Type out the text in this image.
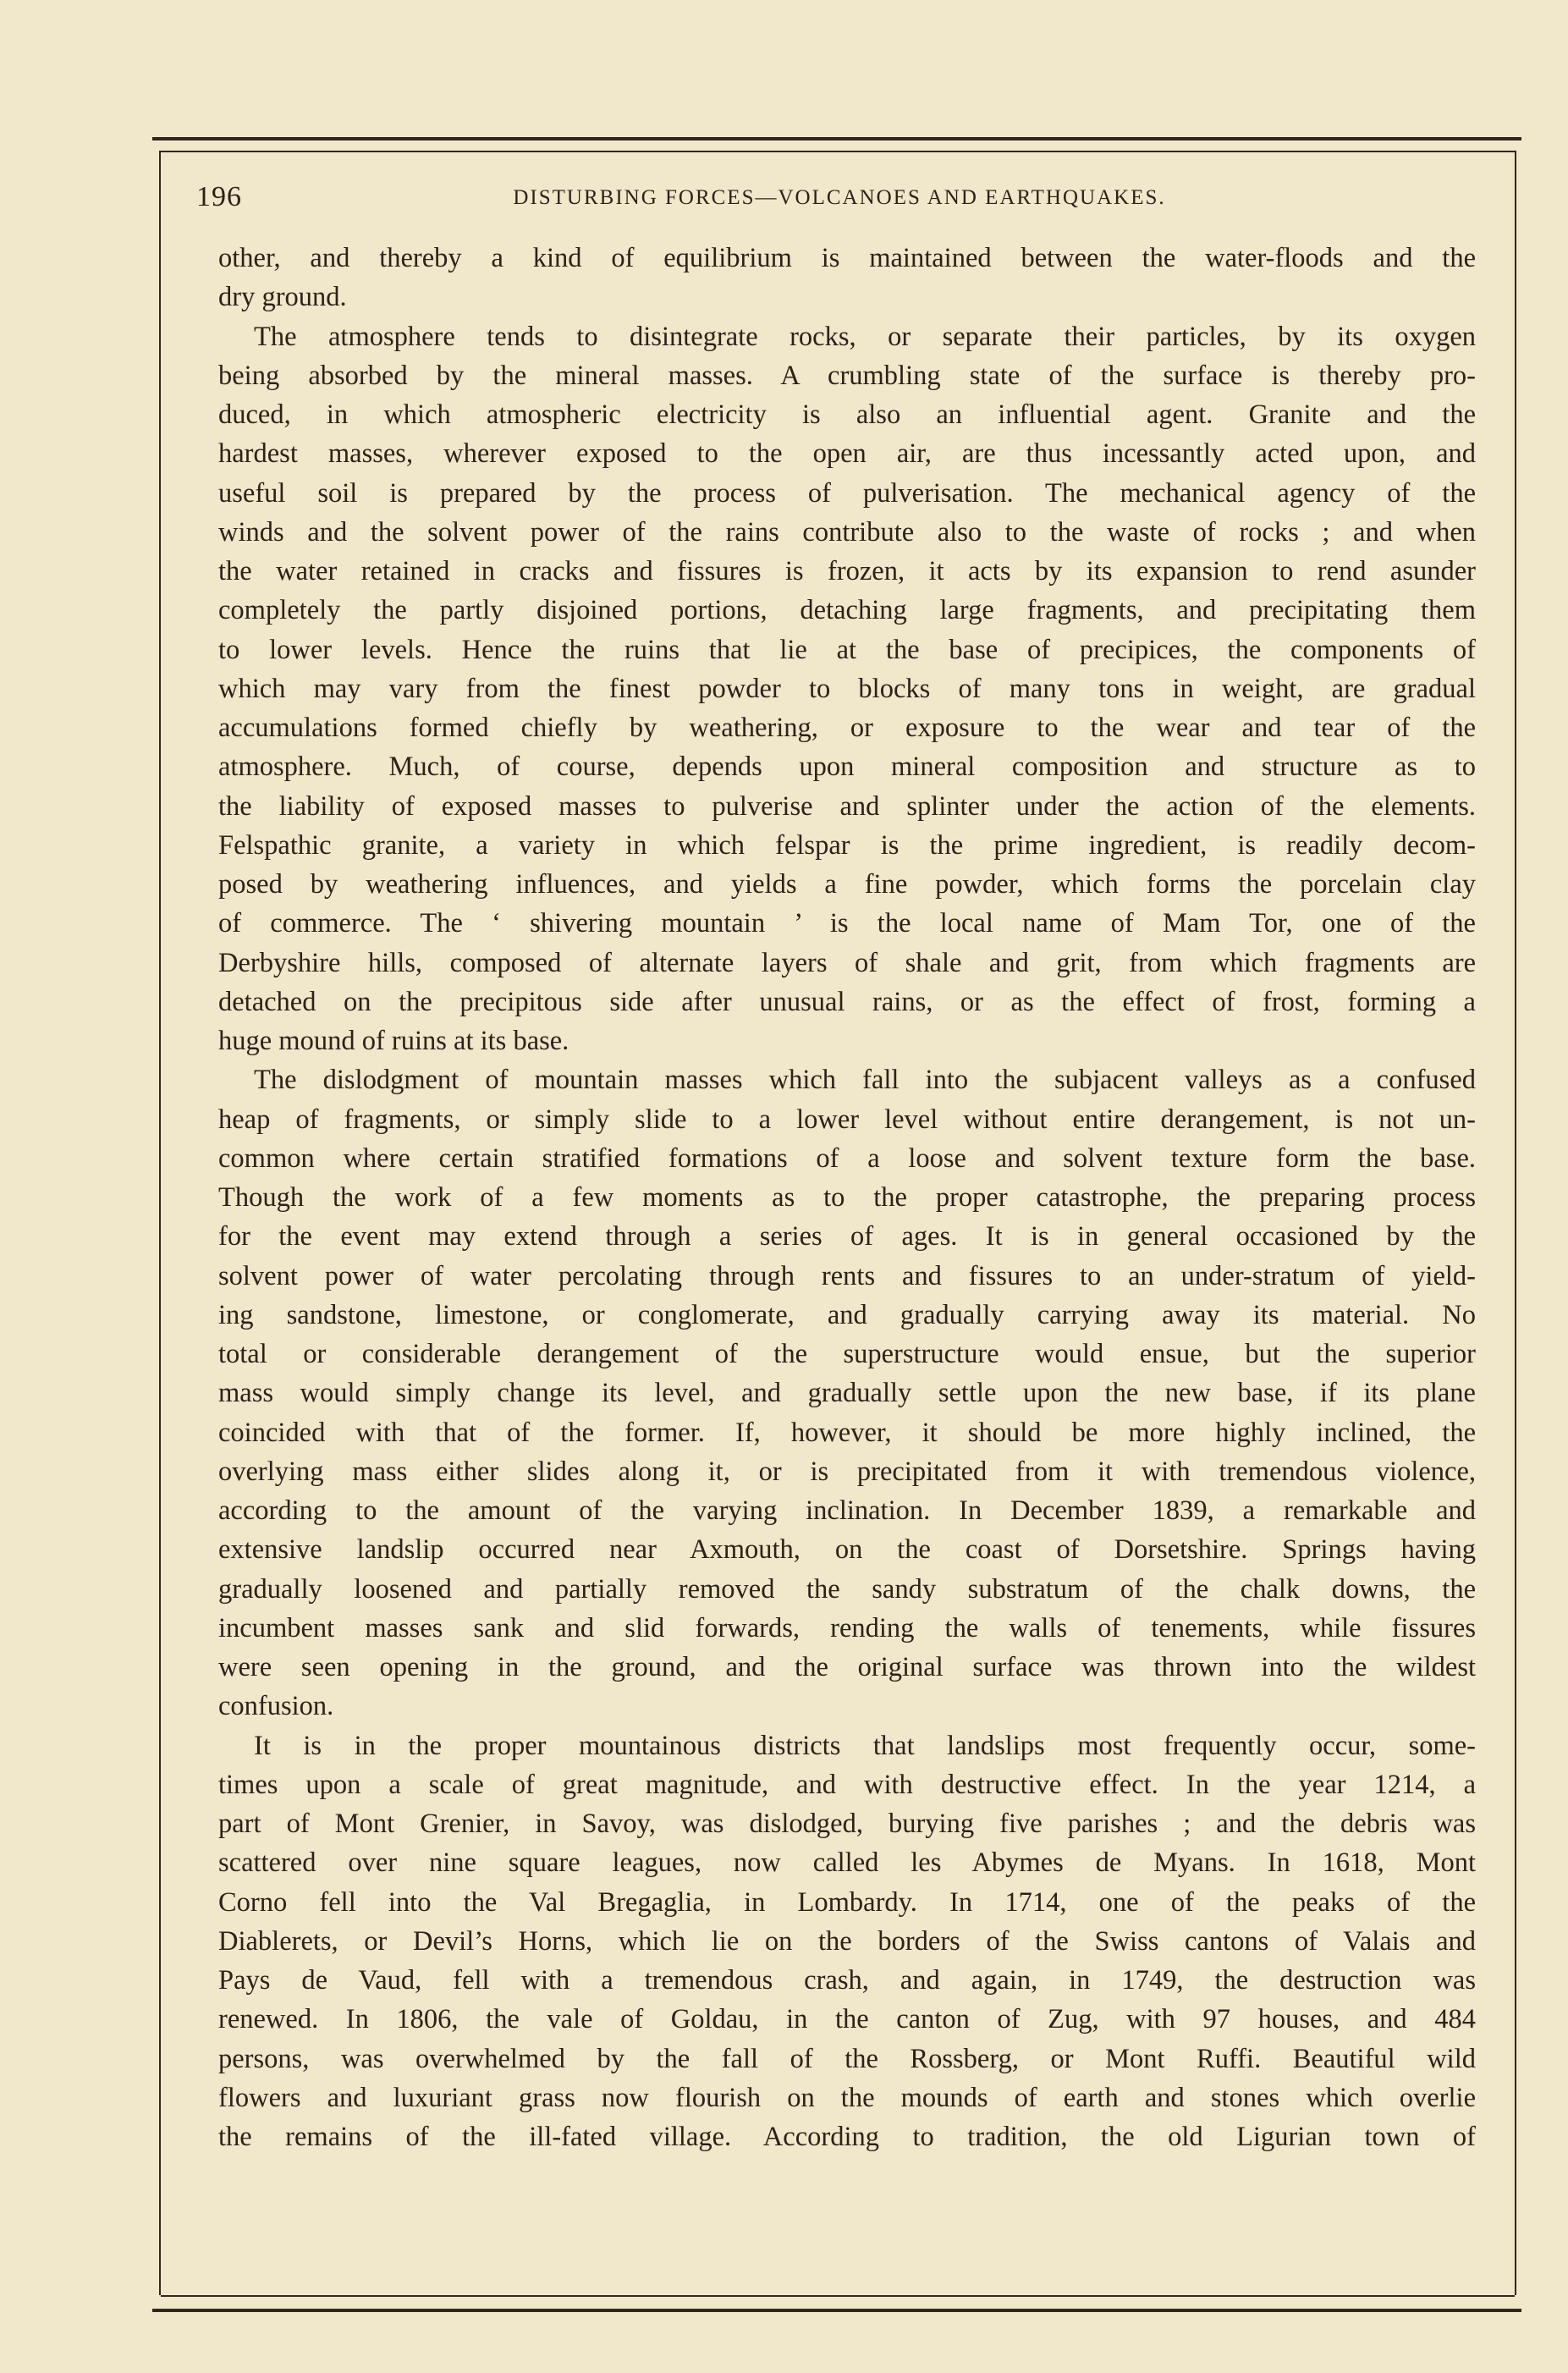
196	DISTURBING FORCES—VOLCANOES AND EARTHQUAKES.
other, and thereby a kind of equilibrium is maintained between the water-floods and the
dry ground.
The atmosphere tends to disintegrate rocks, or separate their particles, by its oxygen
being absorbed by the mineral masses. A crumbling state of the surface is thereby pro-
duced, in which atmospheric electricity is also an influential agent. Granite and the
hardest masses, wherever exposed to the open air, are thus incessantly acted upon, and
useful soil is prepared by the process of pulverisation. The mechanical agency of the
winds and the solvent power of the rains contribute also to the waste of rocks ; and when
the water retained in cracks and fissures is frozen, it acts by its expansion to rend asunder
completely the partly disjoined portions, detaching large fragments, and precipitating them
to lower levels. Hence the ruins that lie at the base of precipices, the components of
which may vary from the finest powder to blocks of many tons in weight, are gradual
accumulations formed chiefly by weathering, or exposure to the wear and tear of the
atmosphere. Much, of course, depends upon mineral composition and structure as to
the liability of exposed masses to pulverise and splinter under the action of the elements.
Felspathic granite, a variety in which felspar is the prime ingredient, is readily decom-
posed by weathering influences, and yields a fine powder, which forms the porcelain clay
of commerce. The ‘ shivering mountain ’ is the local name of Mam Tor, one of the
Derbyshire hills, composed of alternate layers of shale and grit, from which fragments are
detached on the precipitous side after unusual rains, or as the effect of frost, forming a
huge mound of ruins at its base.
The dislodgment of mountain masses which fall into the subjacent valleys as a confused
heap of fragments, or simply slide to a lower level without entire derangement, is not un-
common where certain stratified formations of a loose and solvent texture form the base.
Though the work of a few moments as to the proper catastrophe, the preparing process
for the event may extend through a series of ages. It is in general occasioned by the
solvent power of water percolating through rents and fissures to an under-stratum of yield-
ing sandstone, limestone, or conglomerate, and gradually carrying away its material. No
total or considerable derangement of the superstructure would ensue, but the superior
mass would simply change its level, and gradually settle upon the new base, if its plane
coincided with that of the former. If, however, it should be more highly inclined, the
overlying mass either slides along it, or is precipitated from it with tremendous violence,
according to the amount of the varying inclination. In December 1839, a remarkable and
extensive landslip occurred near Axmouth, on the coast of Dorsetshire. Springs having
gradually loosened and partially removed the sandy substratum of the chalk downs, the
incumbent masses sank and slid forwards, rending the walls of tenements, while fissures
were seen opening in the ground, and the original surface was thrown into the wildest
confusion.
It is in the proper mountainous districts that landslips most frequently occur, some-
times upon a scale of great magnitude, and with destructive effect. In the year 1214, a
part of Mont Grenier, in Savoy, was dislodged, burying five parishes ; and the debris was
scattered over nine square leagues, now called les Abymes de Myans. In 1618, Mont
Corno fell into the Val Bregaglia, in Lombardy. In 1714, one of the peaks of the
Diablerets, or Devil’s Horns, which lie on the borders of the Swiss cantons of Valais and
Pays de Vaud, fell with a tremendous crash, and again, in 1749, the destruction was
renewed. In 1806, the vale of Goldau, in the canton of Zug, with 97 houses, and 484
persons, was overwhelmed by the fall of the Rossberg, or Mont Ruffi. Beautiful wild
flowers and luxuriant grass now flourish on the mounds of earth and stones which overlie
the remains of the ill-fated village. According to tradition, the old Ligurian town of
